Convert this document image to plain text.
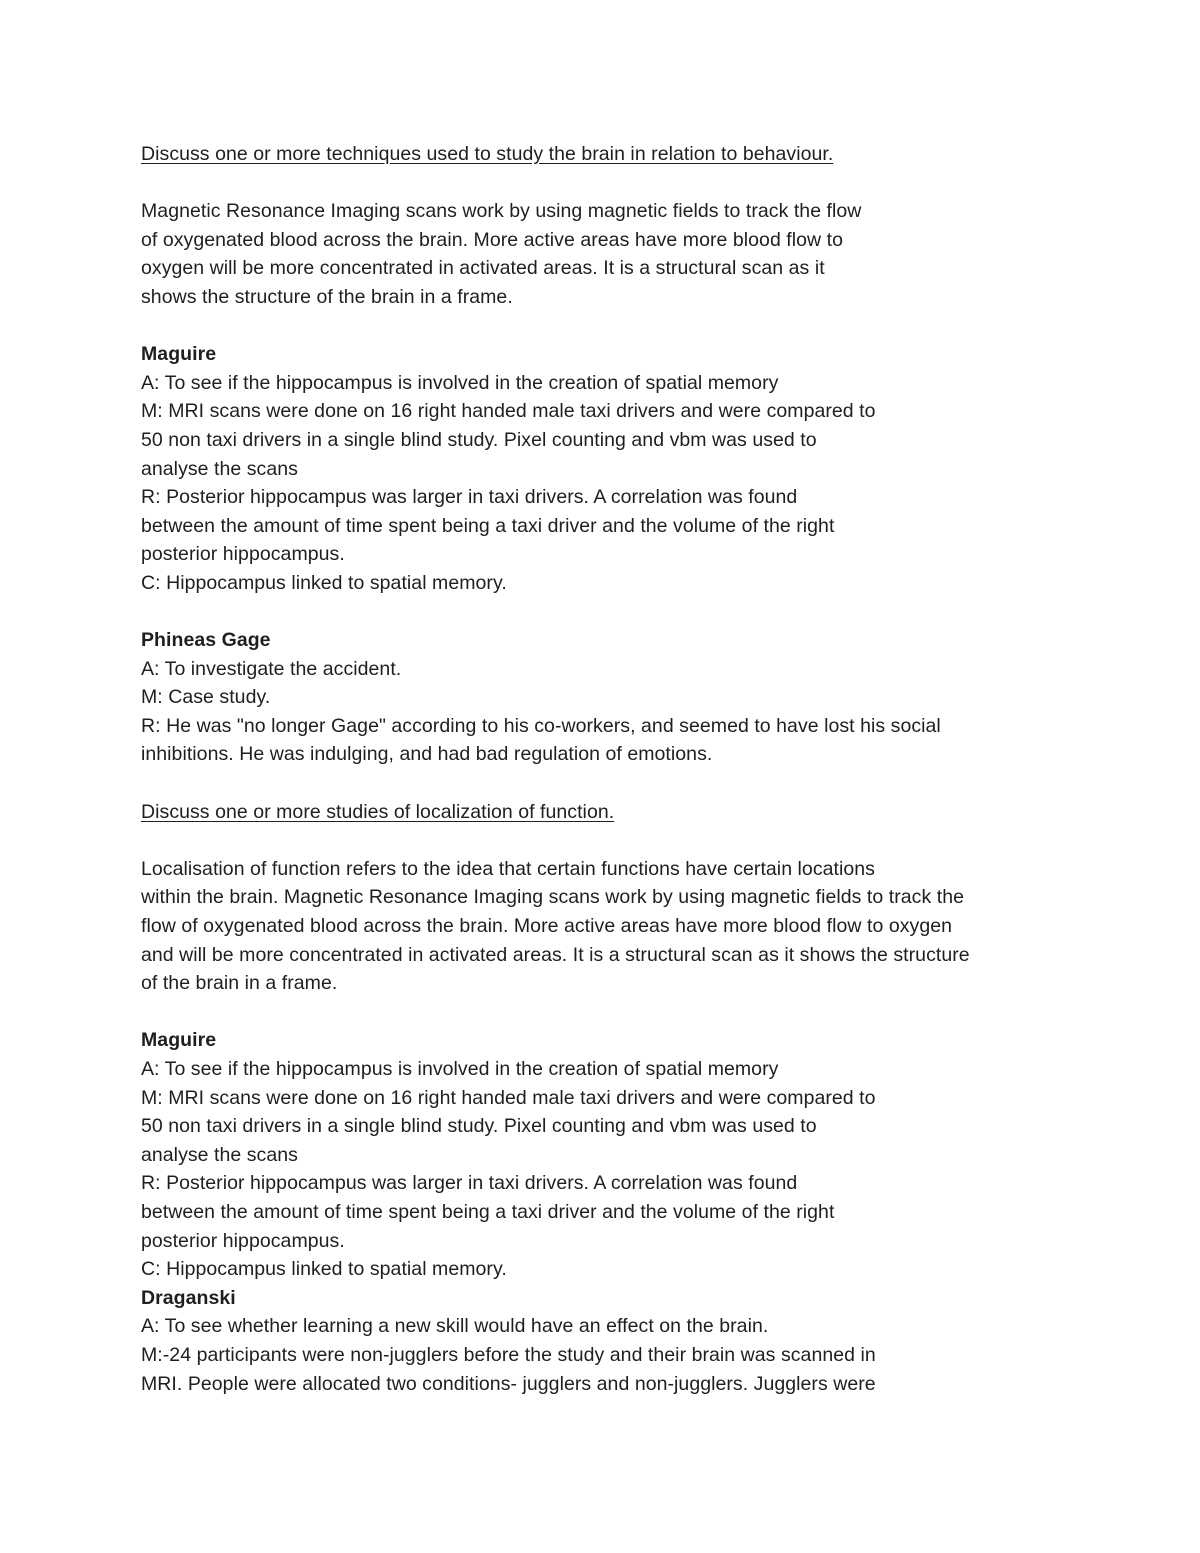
Discuss one or more techniques used to study the brain in relation to behaviour.
Magnetic Resonance Imaging scans work by using magnetic fields to track the flow
of oxygenated blood across the brain. More active areas have more blood flow to
oxygen will be more concentrated in activated areas. It is a structural scan as it
shows the structure of the brain in a frame.
Maguire
A: To see if the hippocampus is involved in the creation of spatial memory
M: MRI scans were done on 16 right handed male taxi drivers and were compared to
50 non taxi drivers in a single blind study. Pixel counting and vbm was used to
analyse the scans
R: Posterior hippocampus was larger in taxi drivers. A correlation was found
between the amount of time spent being a taxi driver and the volume of the right
posterior hippocampus.
C: Hippocampus linked to spatial memory.
Phineas Gage
A: To investigate the accident.
M: Case study.
R: He was "no longer Gage" according to his co-workers, and seemed to have lost his social
inhibitions. He was indulging, and had bad regulation of emotions.
Discuss one or more studies of localization of function.
Localisation of function refers to the idea that certain functions have certain locations
within the brain. Magnetic Resonance Imaging scans work by using magnetic fields to track the
flow of oxygenated blood across the brain. More active areas have more blood flow to oxygen
and will be more concentrated in activated areas. It is a structural scan as it shows the structure
of the brain in a frame.
Maguire
A: To see if the hippocampus is involved in the creation of spatial memory
M: MRI scans were done on 16 right handed male taxi drivers and were compared to
50 non taxi drivers in a single blind study. Pixel counting and vbm was used to
analyse the scans
R: Posterior hippocampus was larger in taxi drivers. A correlation was found
between the amount of time spent being a taxi driver and the volume of the right
posterior hippocampus.
C: Hippocampus linked to spatial memory.
Draganski
A: To see whether learning a new skill would have an effect on the brain.
M:-24 participants were non-jugglers before the study and their brain was scanned in
MRI. People were allocated two conditions- jugglers and non-jugglers. Jugglers were
